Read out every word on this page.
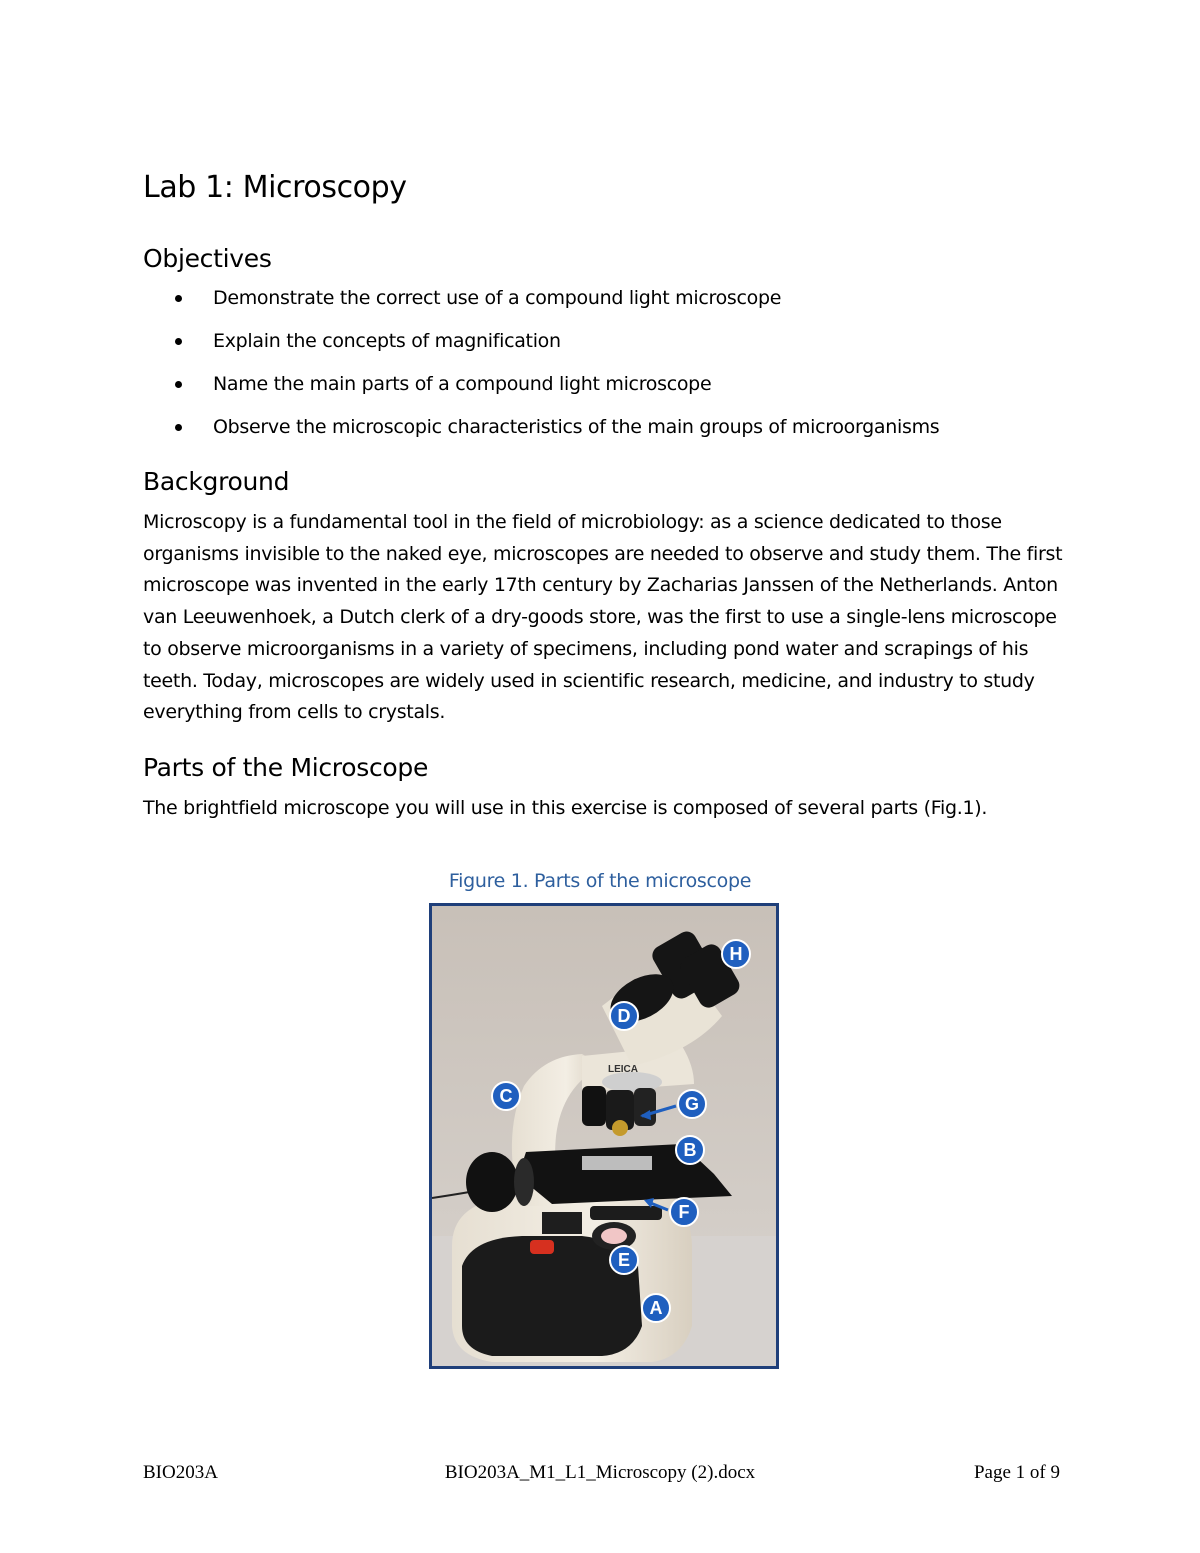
Lab 1: Microscopy
Objectives
Demonstrate the correct use of a compound light microscope
Explain the concepts of magnification
Name the main parts of a compound light microscope
Observe the microscopic characteristics of the main groups of microorganisms
Background

Microscopy is a fundamental tool in the field of microbiology: as a science dedicated to those organisms invisible to the naked eye, microscopes are needed to observe and study them. The first microscope was invented in the early 17th century by Zacharias Janssen of the Netherlands. Anton van Leeuwenhoek, a Dutch clerk of a dry-goods store, was the first to use a single-lens microscope to observe microorganisms in a variety of specimens, including pond water and scrapings of his teeth. Today, microscopes are widely used in scientific research, medicine, and industry to study everything from cells to crystals.

Parts of the Microscope

The brightfield microscope you will use in this exercise is composed of several parts (Fig.1).

Figure 1. Parts of the microscope
LEICA
A
B
C
D
E
F
G
H
BIO203A	BIO203A_M1_L1_Microscopy (2).docx	Page 1 of 9
